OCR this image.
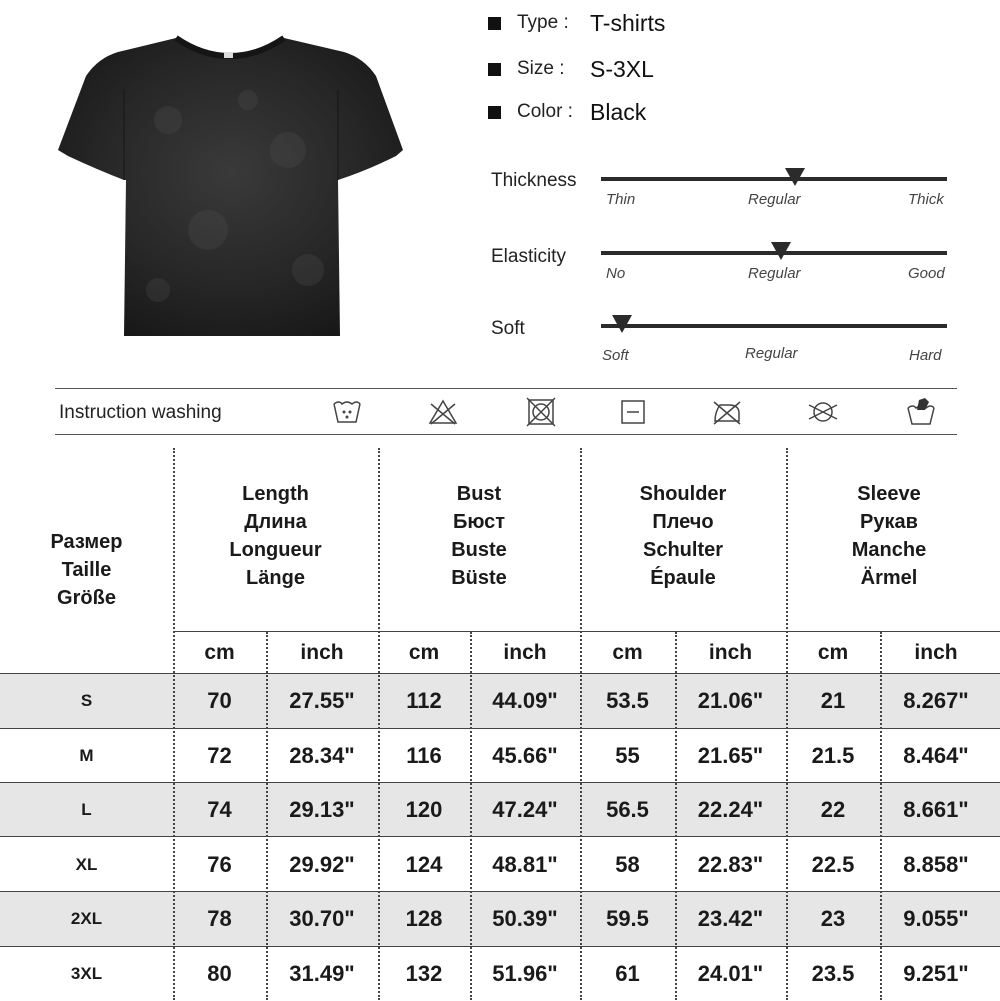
Type : T-shirts
Size :	S-3XL
Color : Black
Thickness
Thin	Regular	Thick
Elasticity
No	Regular	Good
Soft
Soft	Regular	Hard
Instruction washing
Размер
Taille
Größe
Length
Длина
Longueur
Länge
Bust
Бюст
Buste
Büste
Shoulder
Плечо
Schulter
Épaule
Sleeve
Рукав
Manche
Ärmel
cm	inch	cm	inch	cm	inch	cm	inch
S	70	27.55"	112	44.09"	53.5	21.06"	21	8.267"
M	72	28.34"	116	45.66"	55	21.65"	21.5	8.464"
L	74	29.13"	120	47.24"	56.5	22.24"	22	8.661"
XL	76	29.92"	124	48.81"	58	22.83"	22.5	8.858"
2XL	78	30.70"	128	50.39"	59.5	23.42"	23	9.055"
3XL	80	31.49"	132	51.96"	61	24.01"	23.5	9.251"
